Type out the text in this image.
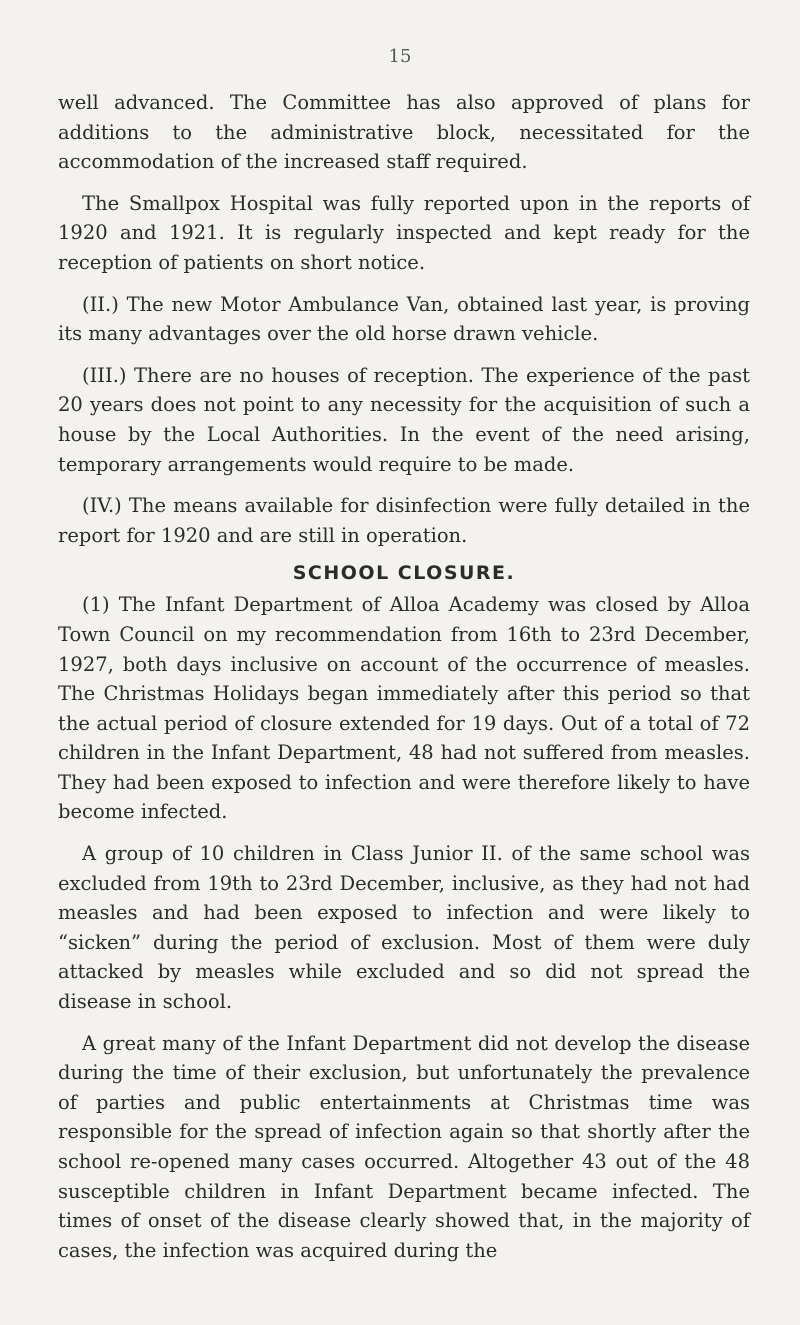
15

well advanced. The Committee has also approved of plans for additions to the administrative block, necessitated for the accommodation of the increased staff required.

The Smallpox Hospital was fully reported upon in the reports of 1920 and 1921. It is regularly inspected and kept ready for the reception of patients on short notice.

(II.) The new Motor Ambulance Van, obtained last year, is proving its many advantages over the old horse drawn vehicle.

(III.) There are no houses of reception. The experience of the past 20 years does not point to any necessity for the acquisition of such a house by the Local Authorities. In the event of the need arising, temporary arrangements would require to be made.

(IV.) The means available for disinfection were fully detailed in the report for 1920 and are still in operation.

SCHOOL CLOSURE.

(1) The Infant Department of Alloa Academy was closed by Alloa Town Council on my recommendation from 16th to 23rd December, 1927, both days inclusive on account of the occurrence of measles. The Christmas Holidays began immediately after this period so that the actual period of closure extended for 19 days. Out of a total of 72 children in the Infant Department, 48 had not suffered from measles. They had been exposed to infection and were therefore likely to have become infected.

A group of 10 children in Class Junior II. of the same school was excluded from 19th to 23rd December, inclusive, as they had not had measles and had been exposed to infection and were likely to “sicken” during the period of exclusion. Most of them were duly attacked by measles while excluded and so did not spread the disease in school.

A great many of the Infant Department did not develop the disease during the time of their exclusion, but unfortunately the prevalence of parties and public entertainments at Christmas time was responsible for the spread of infection again so that shortly after the school re-opened many cases occurred. Altogether 43 out of the 48 susceptible children in Infant Department became infected. The times of onset of the disease clearly showed that, in the majority of cases, the infection was acquired during the
